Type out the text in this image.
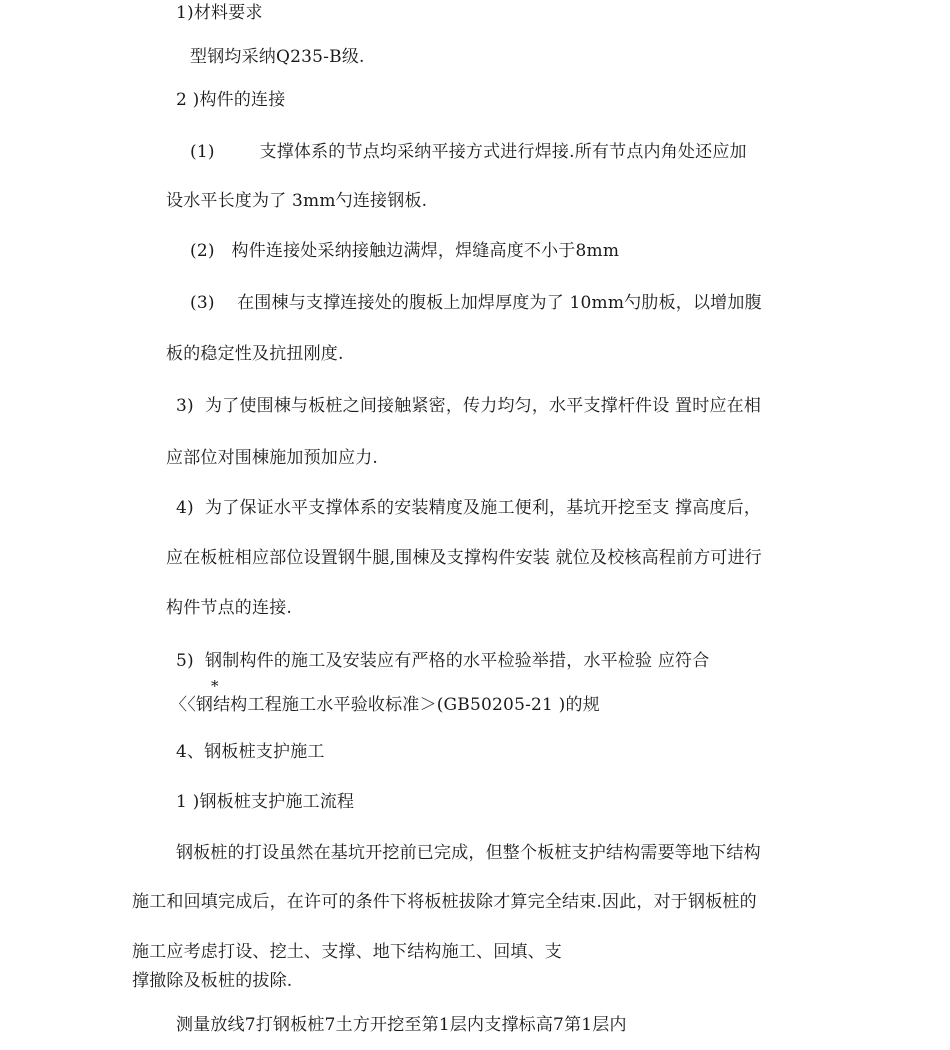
1)材料要求
型钢均采纳Q235-B级.
2 )构件的连接
(1)        支撑体系的节点均采纳平接方式进行焊接.所有节点内角处还应加
设水平长度为了 3mm勺连接钢板.
(2)   构件连接处采纳接触边满焊，焊缝高度不小于8mm
(3)    在围棟与支撑连接处的腹板上加焊厚度为了 10mm勺肋板，以增加腹
板的稳定性及抗扭刚度.
3)  为了使围棟与板桩之间接触紧密，传力均匀，水平支撑杆件设 置时应在相
应部位对围棟施加预加应力.
4)  为了保证水平支撑体系的安装精度及施工便利，基坑开挖至支 撑高度后，
应在板桩相应部位设置钢牛腿,围棟及支撑构件安装 就位及校核高程前方可进行
构件节点的连接.
5)  钢制构件的施工及安装应有严格的水平检验举措，水平检验 应符合
*
〈〈钢结构工程施工水平验收标准＞(GB50205-21 )的规
4、钢板桩支护施工
1 )钢板桩支护施工流程
钢板桩的打设虽然在基坑开挖前已完成，但整个板桩支护结构需要等地下结构
施工和回填完成后，在许可的条件下将板桩拔除才算完全结束.因此，对于钢板桩的
施工应考虑打设、挖土、支撑、地下结构施工、回填、支
撑撤除及板桩的拔除.
测量放线7打钢板桩7土方开挖至第1层内支撑标高7第1层内
